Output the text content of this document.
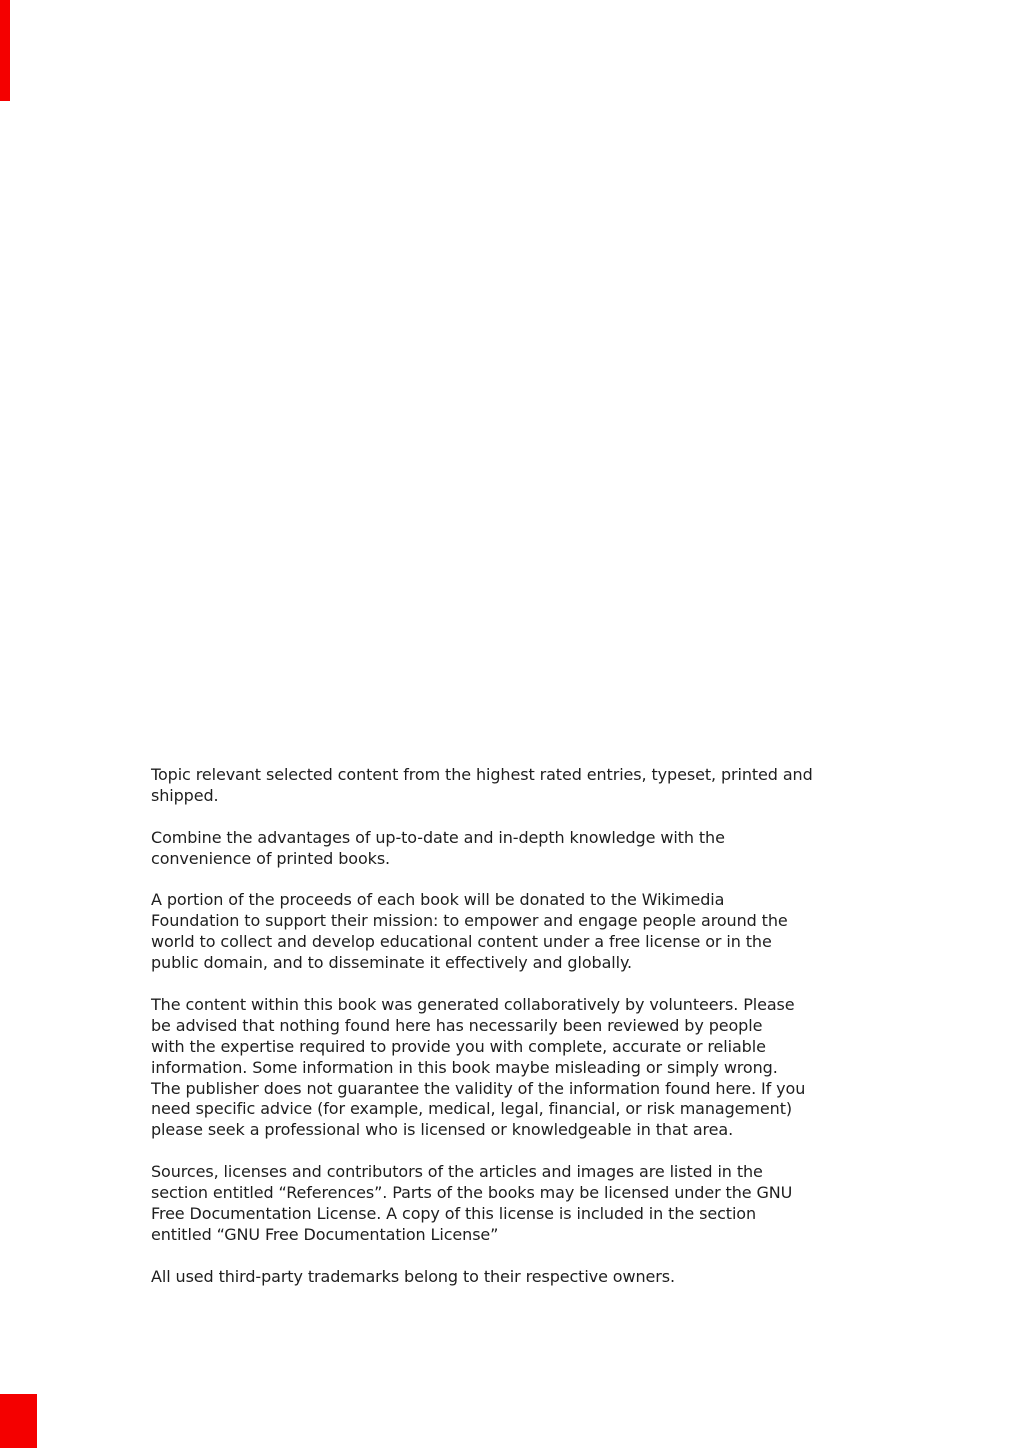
Topic relevant selected content from the highest rated entries, typeset, printed and
shipped.
Combine the advantages of up-to-date and in-depth knowledge with the
convenience of printed books.
A portion of the proceeds of each book will be donated to the Wikimedia
Foundation to support their mission: to empower and engage people around the
world to collect and develop educational content under a free license or in the
public domain, and to disseminate it effectively and globally.
The content within this book was generated collaboratively by volunteers. Please
be advised that nothing found here has necessarily been reviewed by people
with the expertise required to provide you with complete, accurate or reliable
information. Some information in this book maybe misleading or simply wrong.
The publisher does not guarantee the validity of the information found here. If you
need specific advice (for example, medical, legal, financial, or risk management)
please seek a professional who is licensed or knowledgeable in that area.
Sources, licenses and contributors of the articles and images are listed in the
section entitled “References”. Parts of the books may be licensed under the GNU
Free Documentation License. A copy of this license is included in the section
entitled “GNU Free Documentation License”
All used third-party trademarks belong to their respective owners.
